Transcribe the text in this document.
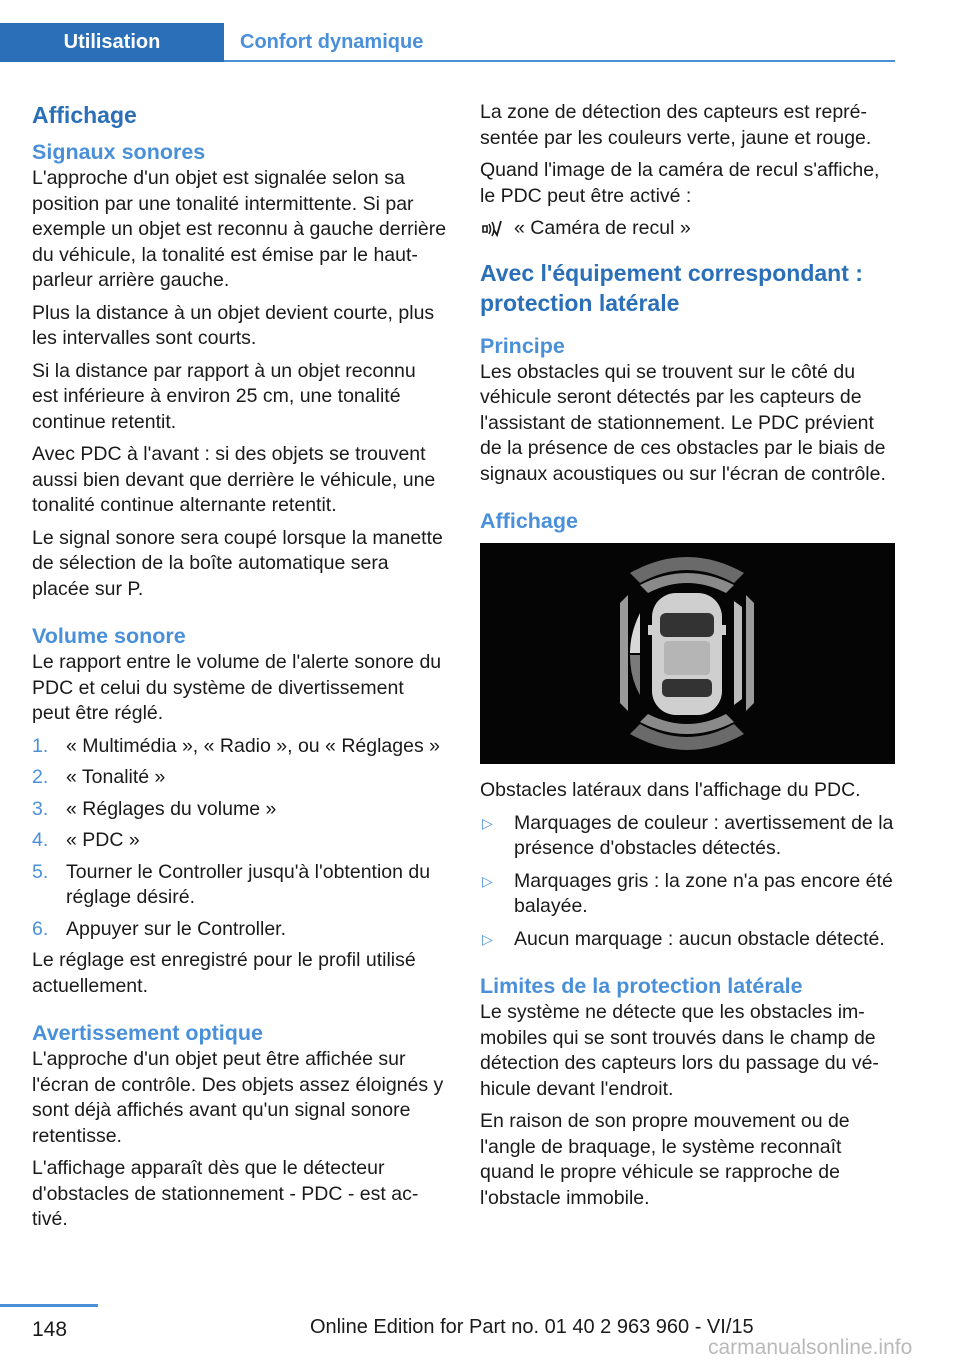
Utilisation	Confort dynamique
Affichage
Signaux sonores

L'approche d'un objet est signalée selon sa position par une tonalité intermittente. Si par exemple un objet est reconnu à gauche derrière du véhicule, la tonalité est émise par le haut-parleur arrière gauche.

Plus la distance à un objet devient courte, plus les intervalles sont courts.

Si la distance par rapport à un objet reconnu est inférieure à environ 25 cm, une tonalité continue retentit.

Avec PDC à l'avant : si des objets se trouvent aussi bien devant que derrière le véhicule, une tonalité continue alternante retentit.

Le signal sonore sera coupé lorsque la manette de sélection de la boîte automatique sera placée sur P.

Volume sonore

Le rapport entre le volume de l'alerte sonore du PDC et celui du système de divertissement peut être réglé.

1. « Multimédia », « Radio », ou « Réglages »
2. « Tonalité »
3. « Réglages du volume »
4. « PDC »
5. Tourner le Controller jusqu'à l'obtention du réglage désiré.
6. Appuyer sur le Controller.

Le réglage est enregistré pour le profil utilisé actuellement.

Avertissement optique

L'approche d'un objet peut être affichée sur l'écran de contrôle. Des objets assez éloignés y sont déjà affichés avant qu'un signal sonore retentisse.

L'affichage apparaît dès que le détecteur d'obstacles de stationnement - PDC - est activé.

La zone de détection des capteurs est représentée par les couleurs verte, jaune et rouge.

Quand l'image de la caméra de recul s'affiche, le PDC peut être activé :

« Caméra de recul »
Avec l'équipement correspondant : protection latérale
Principe

Les obstacles qui se trouvent sur le côté du véhicule seront détectés par les capteurs de l'assistant de stationnement. Le PDC prévient de la présence de ces obstacles par le biais de signaux acoustiques ou sur l'écran de contrôle.

Affichage

Obstacles latéraux dans l'affichage du PDC.

▷ Marquages de couleur : avertissement de la présence d'obstacles détectés.
▷ Marquages gris : la zone n'a pas encore été balayée.
▷ Aucun marquage : aucun obstacle détecté.
Limites de la protection latérale

Le système ne détecte que les obstacles immobiles qui se sont trouvés dans le champ de détection des capteurs lors du passage du véhicule devant l'endroit.

En raison de son propre mouvement ou de l'angle de braquage, le système reconnaît quand le propre véhicule se rapproche de l'obstacle immobile.

148	Online Edition for Part no. 01 40 2 963 960 - VI/15
carmanualsonline.info
